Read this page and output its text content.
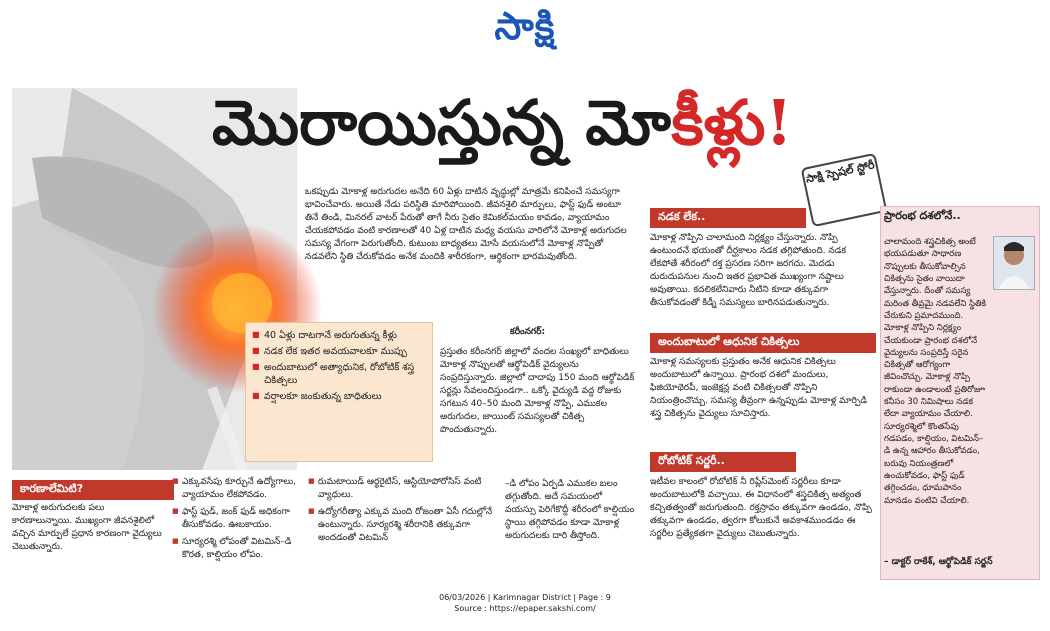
సాక్షి
మొరాయిస్తున్న మోకీళ్లు!
ఒకప్పుడు మోకాళ్ల అరుగుదల అనేది 60 ఏళ్లు దాటిన వృద్ధుల్లో మాత్రమే కనిపించే సమస్యగా భావించేవారు. అయితే నేడు పరిస్థితి మారిపోయింది. జీవనశైలి మార్పులు, ఫాస్ట్ ఫుడ్ అంటూ తినే తిండి, మినరల్ వాటర్ పేరుతో తాగే నీరు సైతం కెమికల్‌మయం కావడం, వ్యాయామం చేయకపోవడం వంటి కారణాలతో 40 ఏళ్ల దాటిన మధ్య వయసు వారిలోనే మోకాళ్ల అరుగుదల సమస్య వేగంగా పెరుగుతోంది. కుటుంబ బాధ్యతలు మోసే వయసులోనే మోకాళ్ల నొప్పితో నడవలేని స్థితి చేరుకోవడం అనేక మందికి శారీరకంగా, ఆర్థికంగా భారమవుతోంది.
సాక్షి స్పెషల్ స్టోరీ
■ 40 ఏళ్లు దాటగానే అరుగుతున్న కీళ్లు
■ నడక లేక ఇతర అవయవాలకూ ముప్పు
■ అందుబాటులో అత్యాధునిక, రోబోటిక్ శస్త్ర చికిత్సలు
■ వర్షాలకూ జంకుతున్న బాధితులు
కరీంనగర్:
ప్రస్తుతం కరీంనగర్ జిల్లాలో వందల సంఖ్యలో బాధితులు మోకాళ్ల నొప్పులతో ఆర్థోపెడిక్ వైద్యులను సంప్రదిస్తున్నారు. జిల్లాలో దాదాపు 150 మంది ఆర్థోపెడిక్ సర్జన్లు సేవలందిస్తుండగా.. ఒక్కో వైద్యుడి వద్ద రోజుకు సగటున 40–50 మంది మోకాళ్ల నొప్పి, ఎముకల అరుగుదల, జాయింట్ సమస్యలతో చికిత్స పొందుతున్నారు.
కారణాలేమిటి?
మోకాళ్ల అరుగుదలకు పలు కారణాలున్నాయి. ముఖ్యంగా జీవనశైలిలో వచ్చిన మార్పులే ప్రధాన కారణంగా వైద్యులు చెబుతున్నారు.
■ ఎక్కువసేపు కూర్చునే ఉద్యోగాలు, వ్యాయామం లేకపోవడం.
■ ఫాస్ట్ ఫుడ్, జంక్ ఫుడ్ అధికంగా తీసుకోవడం. ఊబకాయం.
■ సూర్యరశ్మి లోపంతో విటమిన్–డి కొరత, కాల్షియం లోపం.
■ రుమటాయిడ్ ఆర్థరైటిస్, ఆస్టియోపోరోసిస్ వంటి వ్యాధులు.
■ ఉద్యోగరీత్యా ఎక్కువ మంది రోజంతా ఏసీ గదుల్లోనే ఉంటున్నారు. సూర్యరశ్మి శరీరానికి తక్కువగా అందడంతో విటమిన్
–డి లోపం ఏర్పడి ఎముకల బలం తగ్గుతోంది. అదే సమయంలో వయస్సు పెరిగేకొద్దీ శరీరంలో కాల్షియం స్థాయి తగ్గిపోవడం కూడా మోకాళ్ల అరుగుదలకు దారి తీస్తోంది.
నడక లేక..
మోకాళ్ల నొప్పిని చాలామంది నిర్లక్ష్యం చేస్తున్నారు. నొప్పి ఉంటుందనే భయంతో దీర్ఘకాలం నడక తగ్గిపోతుంది. నడక లేకపోతే శరీరంలో రక్త ప్రసరణ సరిగా జరగదు. మెదడు దురుదుపనుల నుంచి ఇతర ప్రభావిత ముఖ్యంగా నష్టాలు అవుతాయి. కదలికలేనివారు నీటిని కూడా తక్కువగా తీసుకోవడంతో కిడ్నీ సమస్యలు బారినపడుతున్నారు.
అందుబాటులో ఆధునిక చికిత్సలు
మోకాళ్ల సమస్యలకు ప్రస్తుతం అనేక ఆధునిక చికిత్సలు అందుబాటులో ఉన్నాయి. ప్రారంభ దశలో మందులు, ఫిజియోథెరపీ, ఇంజెక్షన్ల వంటి చికిత్సలతో నొప్పిని నియంత్రించొచ్చు. సమస్య తీవ్రంగా ఉన్నప్పుడు మోకాళ్ల మార్పిడి శస్త్ర చికిత్సను వైద్యులు సూచిస్తారు.
రోబోటిక్ సర్జరీ..
ఇటీవల కాలంలో రోబోటిక్ నీ రిప్లేస్‌మెంట్ సర్జరీలు కూడా అందుబాటులోకి వచ్చాయి. ఈ విధానంలో శస్త్రచికిత్స అత్యంత కచ్చితత్వంతో జరుగుతుంది. రక్తస్రావం తక్కువగా ఉండడం, నొప్పి తక్కువగా ఉండడం, త్వరగా కోలుకునే అవకాశముండడం ఈ సర్జరీల ప్రత్యేకతగా వైద్యులు చెబుతున్నారు.
ప్రారంభ దశలోనే..
చాలామంది శస్త్రచికిత్స అంటే భయపడుతూ సాధారణ నొప్పులకు తీసుకోవాల్సిన చికిత్సను సైతం వాయిదా వేస్తున్నారు. దీంతో సమస్య మరింత తీవ్రమై నడవలేని స్థితికి చేరుకుని ప్రమాదముంది. మోకాళ్ల నొప్పిని నిర్లక్ష్యం చేయకుండా ప్రారంభ దశలోనే వైద్యులను సంప్రదిస్తే సరైన చికిత్సతో ఆరోగ్యంగా జీవించొచ్చు. మోకాళ్ల నొప్పి రాకుండా ఉండాలంటే ప్రతిరోజూ కనీసం 30 నిమిషాలు నడక లేదా వ్యాయామం చేయాలి. సూర్యరశ్మిలో కొంతసేపు గడపడం, కాల్షియం, విటమిన్–డి ఉన్న ఆహారం తీసుకోవడం, బరువు నియంత్రణలో ఉంచుకోవడం, ఫాస్ట్ ఫుడ్ తగ్గించడం, ధూమపానం మానడం వంటివి చేయాలి.
– డాక్టర్ రాకేశ్, ఆర్థోపెడిక్ సర్జన్
06/03/2026 | Karimnagar District | Page : 9
Source : https://epaper.sakshi.com/
